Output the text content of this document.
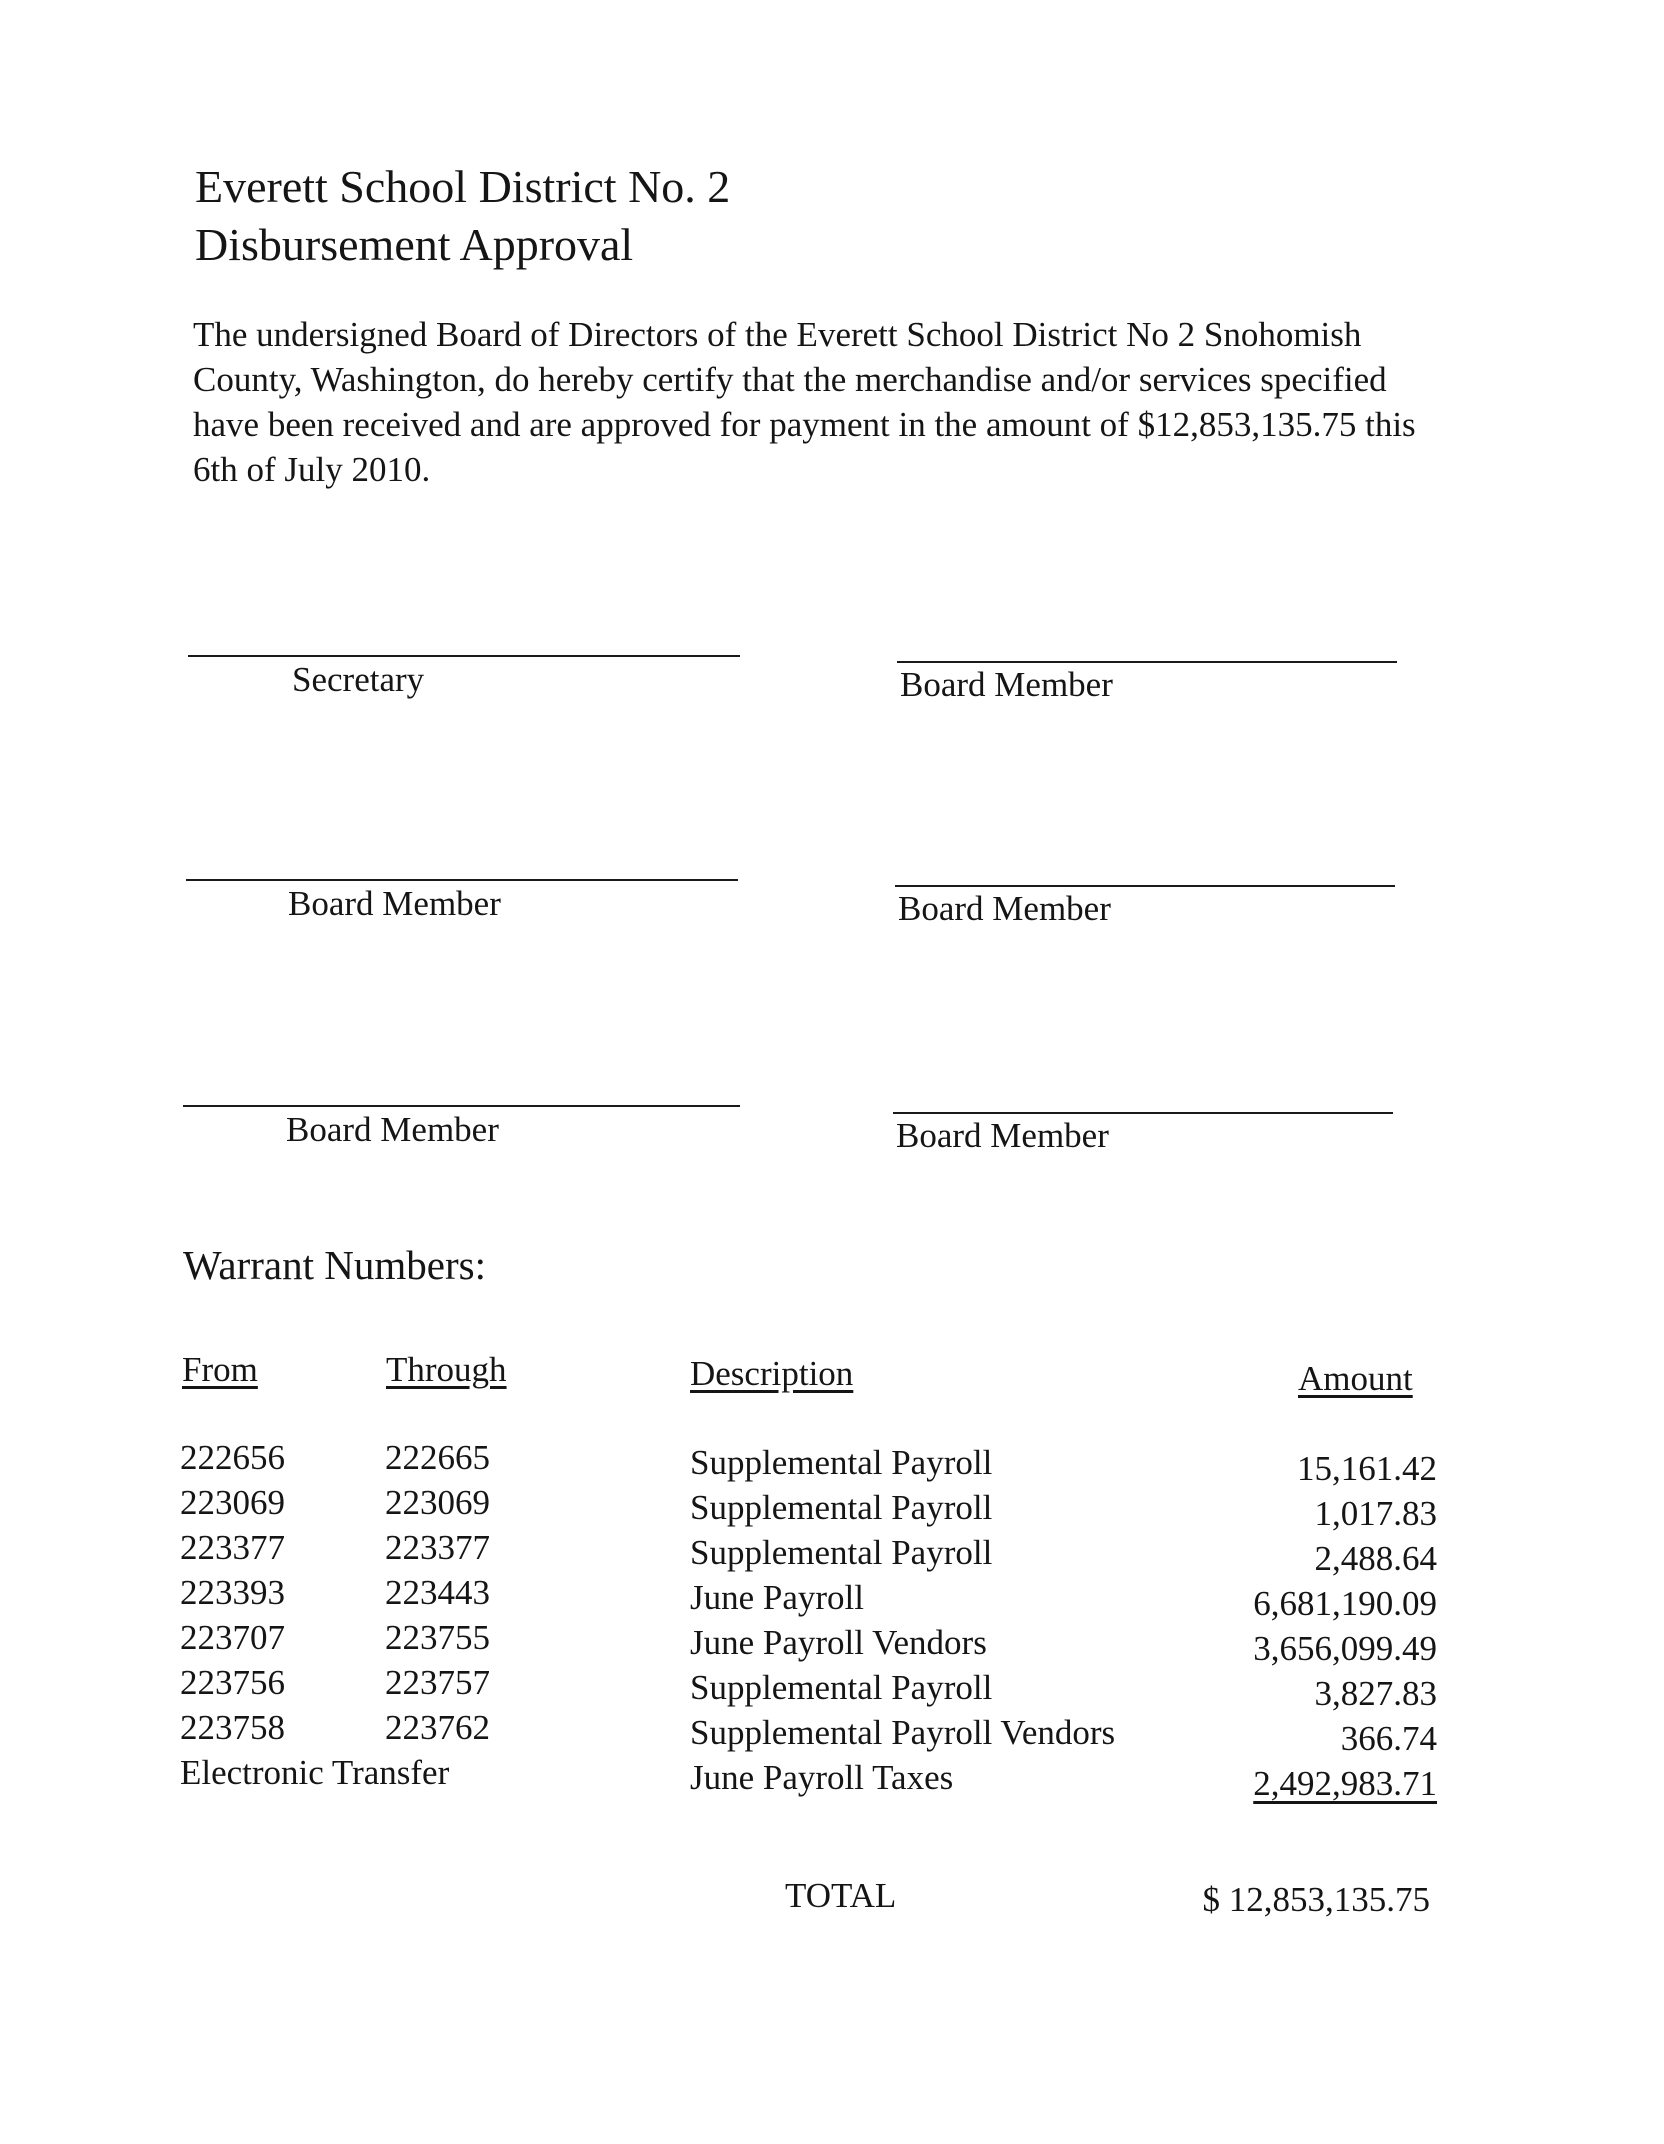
Everett School District No. 2
Disbursement Approval

The undersigned Board of Directors of the Everett School District No 2 Snohomish County, Washington, do hereby certify that the merchandise and/or services specified have been received and are approved for payment in the amount of $12,853,135.75 this 6th of July 2010.

Secretary	Board Member
Board Member	Board Member
Board Member	Board Member
Warrant Numbers:
From	Through	Description	Amount
222656	222665	Supplemental Payroll	15,161.42
223069	223069	Supplemental Payroll	1,017.83
223377	223377	Supplemental Payroll	2,488.64
223393	223443	June Payroll	6,681,190.09
223707	223755	June Payroll Vendors	3,656,099.49
223756	223757	Supplemental Payroll	3,827.83
223758	223762	Supplemental Payroll Vendors	366.74
Electronic Transfer	June Payroll Taxes	2,492,983.71
TOTAL	$ 12,853,135.75
